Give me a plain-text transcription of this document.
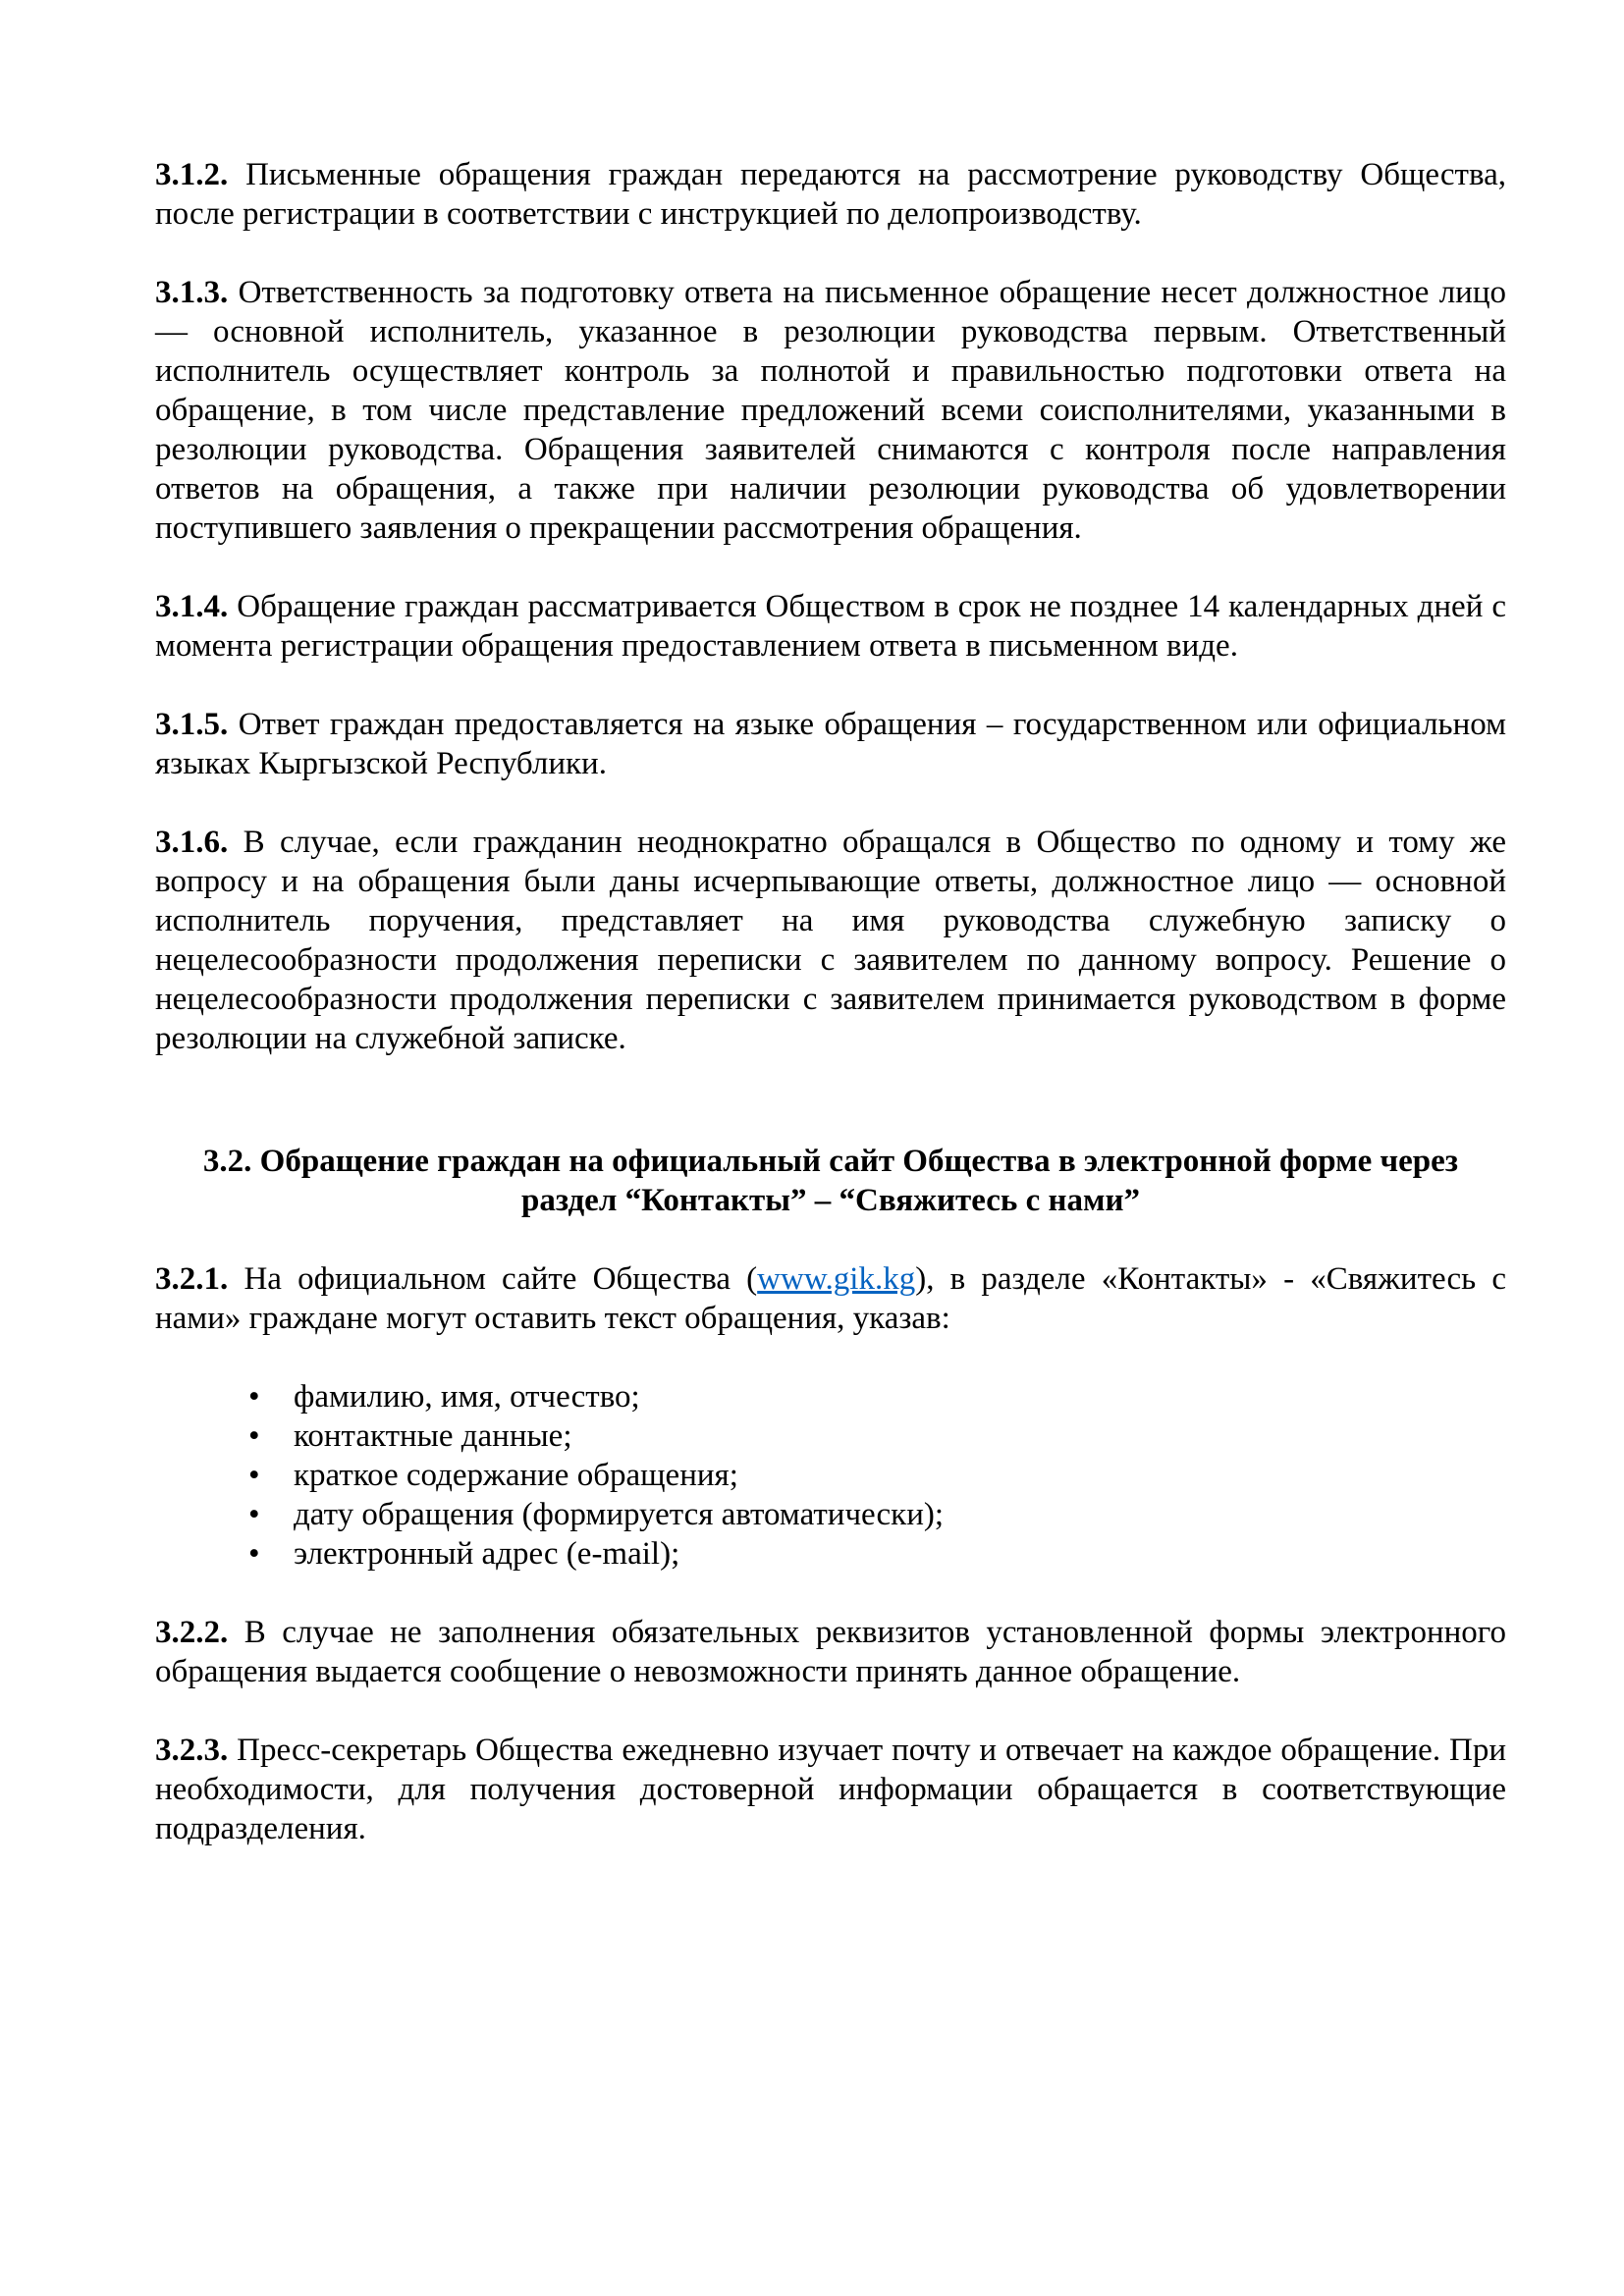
3.1.2. Письменные обращения граждан передаются на рассмотрение руководству Общества, после регистрации в соответствии с инструкцией по делопроизводству.

3.1.3. Ответственность за подготовку ответа на письменное обращение несет должностное лицо — основной исполнитель, указанное в резолюции руководства первым. Ответственный исполнитель осуществляет контроль за полнотой и правильностью подготовки ответа на обращение, в том числе представление предложений всеми соисполнителями, указанными в резолюции руководства. Обращения заявителей снимаются с контроля после направления ответов на обращения, а также при наличии резолюции руководства об удовлетворении поступившего заявления о прекращении рассмотрения обращения.

3.1.4. Обращение граждан рассматривается Обществом в срок не позднее 14 календарных дней с момента регистрации обращения предоставлением ответа в письменном виде.

3.1.5. Ответ граждан предоставляется на языке обращения – государственном или официальном языках Кыргызской Республики.

3.1.6. В случае, если гражданин неоднократно обращался в Общество по одному и тому же вопросу и на обращения были даны исчерпывающие ответы, должностное лицо — основной исполнитель поручения, представляет на имя руководства служебную записку о нецелесообразности продолжения переписки с заявителем по данному вопросу. Решение о нецелесообразности продолжения переписки с заявителем принимается руководством в форме резолюции на служебной записке.

3.2. Обращение граждан на официальный сайт Общества в электронной форме через
раздел “Контакты” – “Свяжитесь с нами”

3.2.1. На официальном сайте Общества (www.gik.kg), в разделе «Контакты» - «Свяжитесь с нами» граждане могут оставить текст обращения, указав:

• фамилию, имя, отчество;
• контактные данные;
• краткое содержание обращения;
• дату обращения (формируется автоматически);
• электронный адрес (e-mail);

3.2.2. В случае не заполнения обязательных реквизитов установленной формы электронного обращения выдается сообщение о невозможности принять данное обращение.

3.2.3. Пресс-секретарь Общества ежедневно изучает почту и отвечает на каждое обращение. При необходимости, для получения достоверной информации обращается в соответствующие подразделения.
